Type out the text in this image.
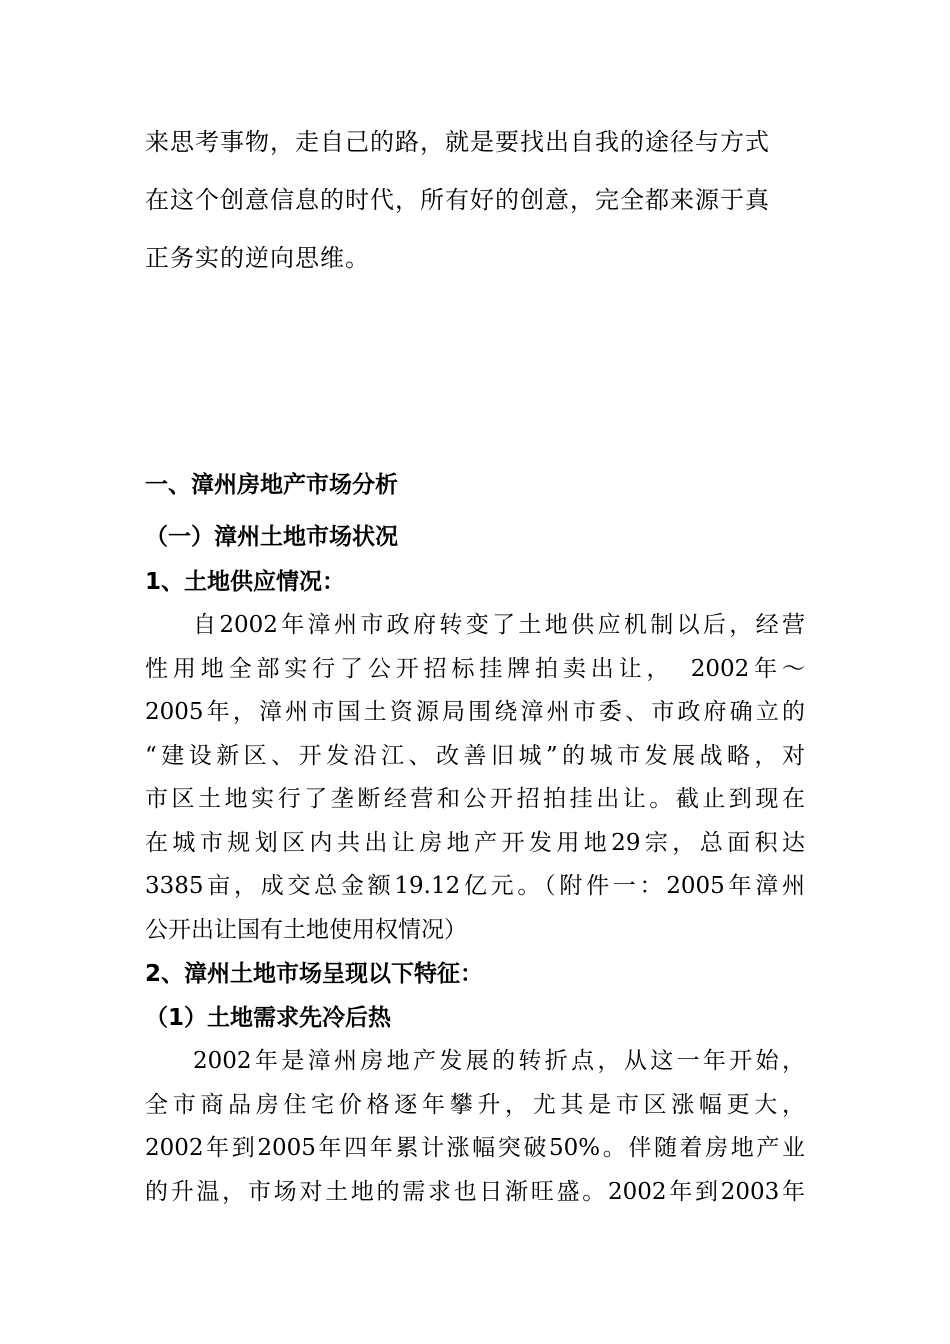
来思考事物，走自己的路，就是要找出自我的途径与方式

在这个创意信息的时代，所有好的创意，完全都来源于真

正务实的逆向思维。

一、漳州房地产市场分析
（一）漳州土地市场状况
1、土地供应情况：
自2002年漳州市政府转变了土地供应机制以后，经营
性用地全部实行了公开招标挂牌拍卖出让，　2002年～
2005年，漳州市国土资源局围绕漳州市委、市政府确立的
“建设新区、开发沿江、改善旧城”的城市发展战略，对
市区土地实行了垄断经营和公开招拍挂出让。截止到现在
在城市规划区内共出让房地产开发用地29宗，总面积达
3385亩，成交总金额19.12亿元。（附件一：2005年漳州
公开出让国有土地使用权情况）
2、漳州土地市场呈现以下特征：
（1）土地需求先冷后热
2002年是漳州房地产发展的转折点，从这一年开始，
全市商品房住宅价格逐年攀升，尤其是市区涨幅更大，
2002年到2005年四年累计涨幅突破50%。伴随着房地产业
的升温，市场对土地的需求也日渐旺盛。2002年到2003年
